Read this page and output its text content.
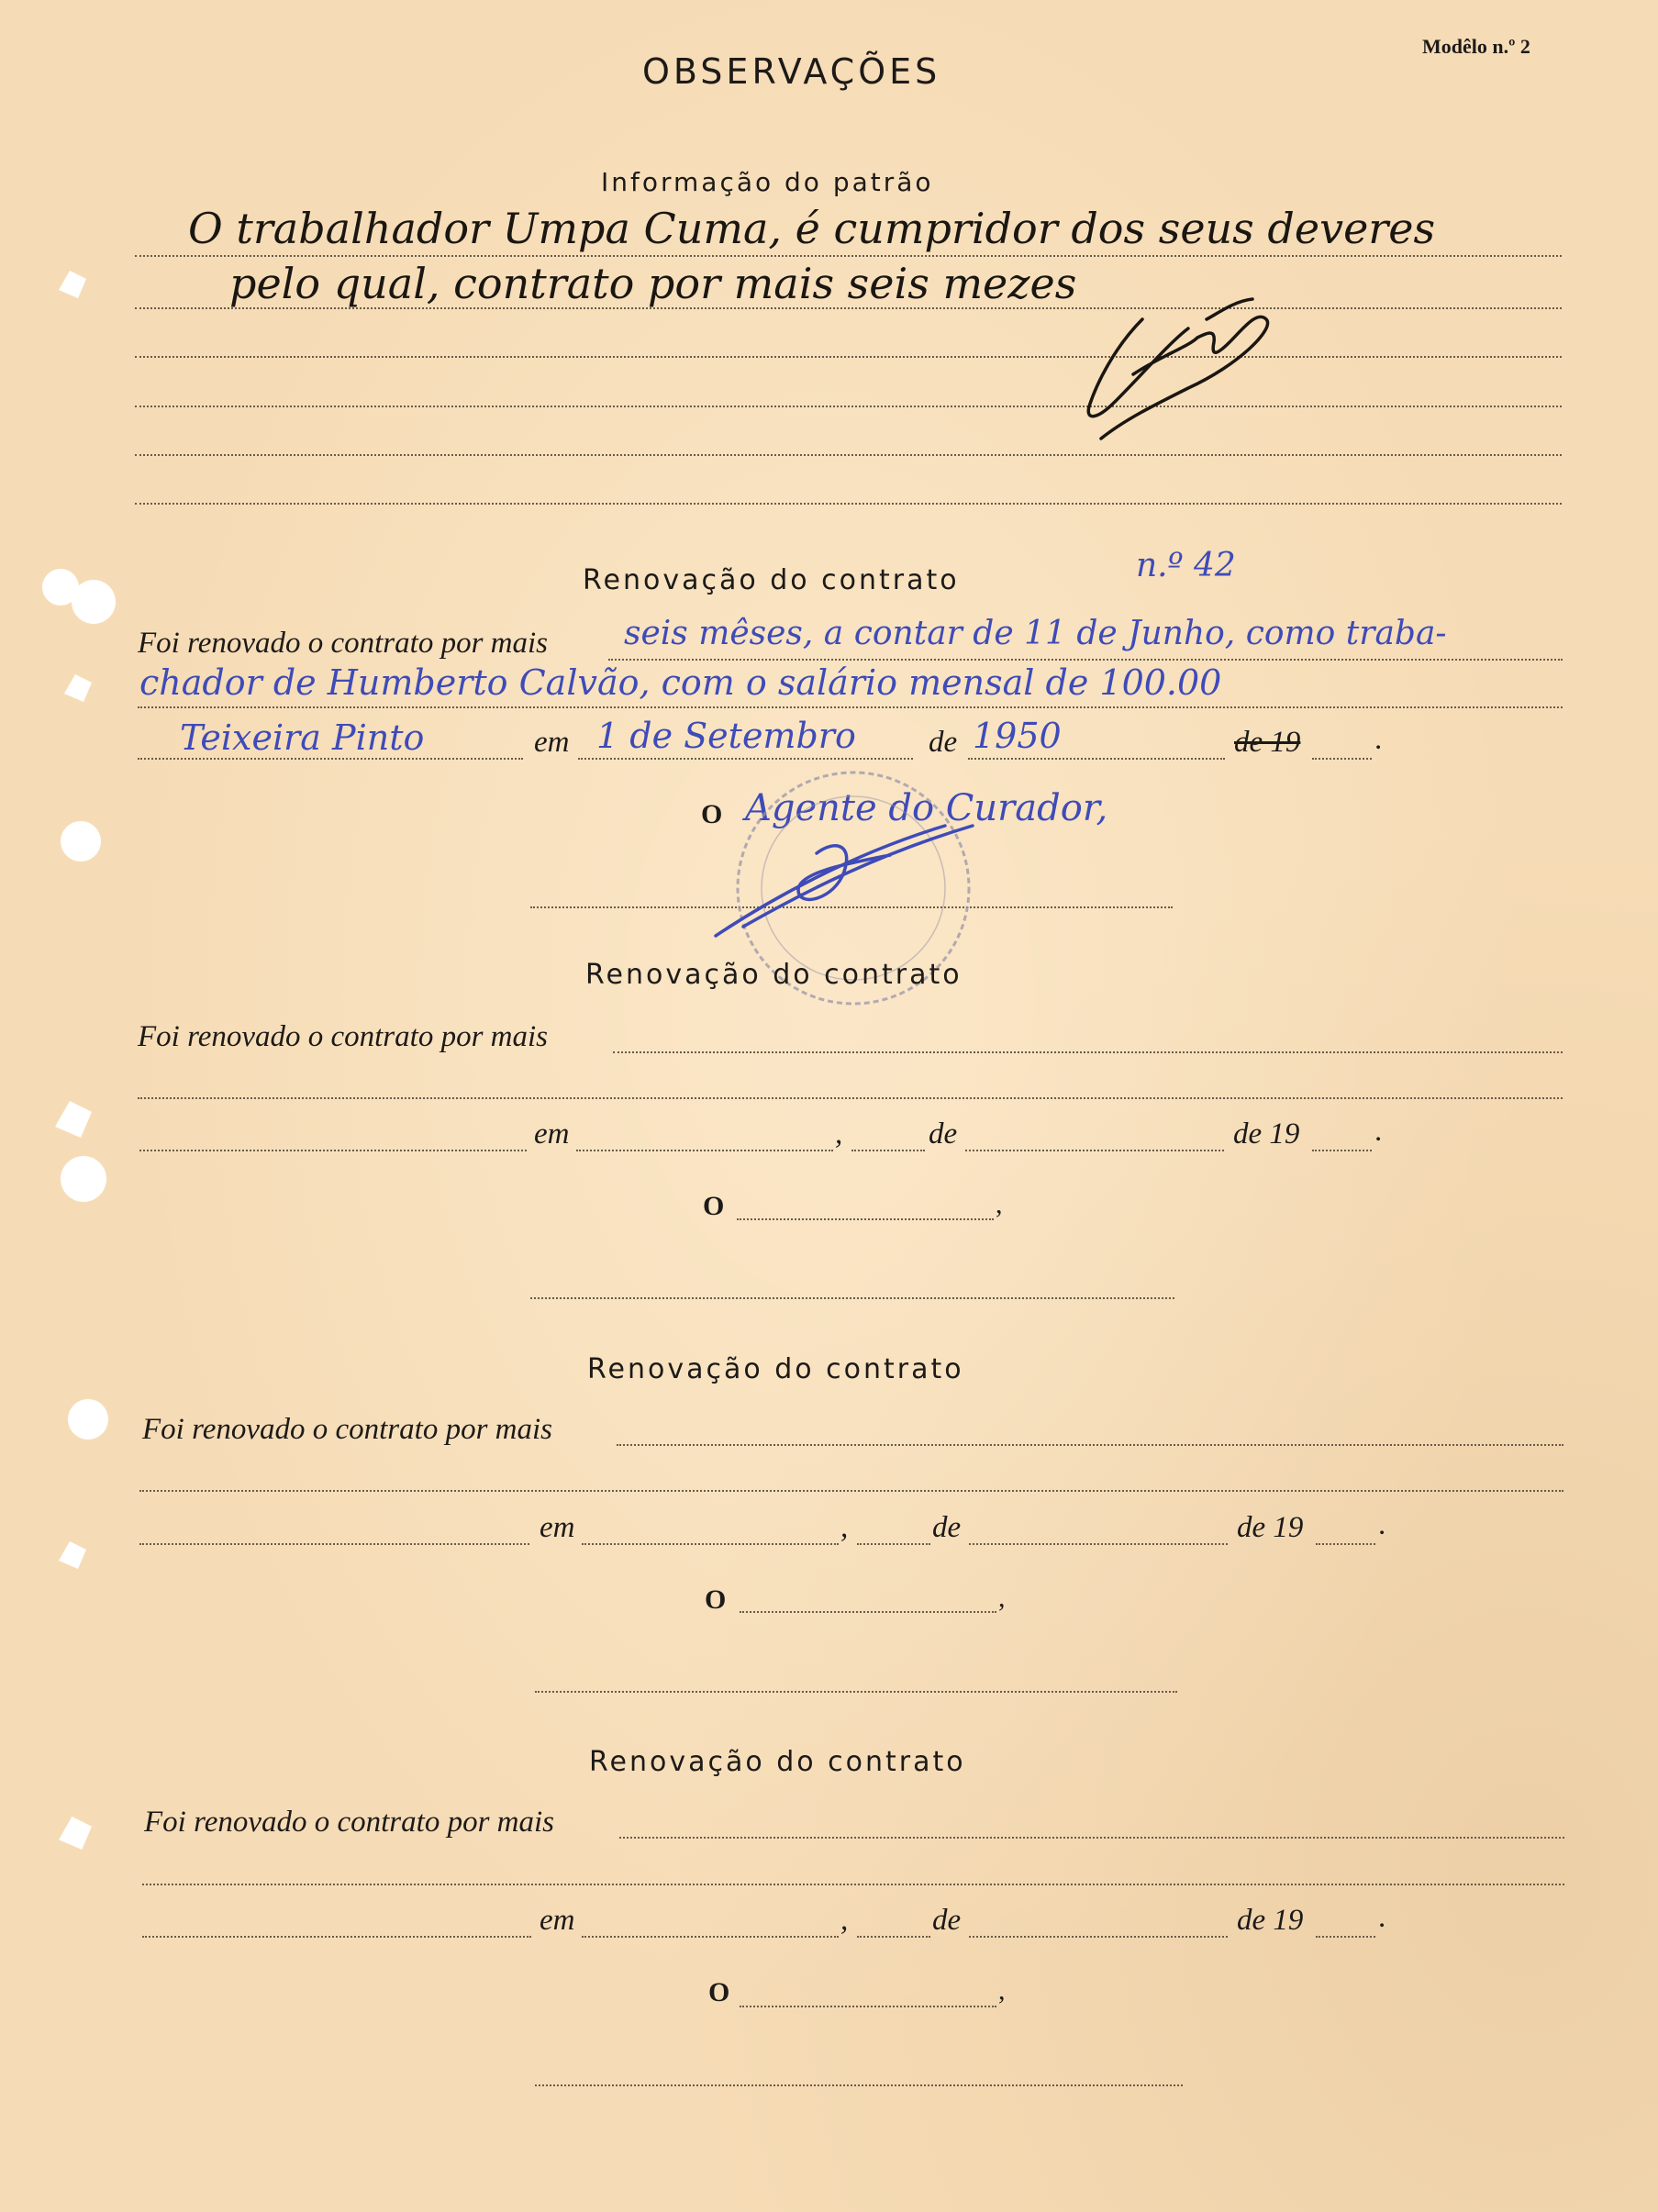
OBSERVAÇÕES
Modêlo n.º 2
Informação do patrão
O trabalhador Umpa Cuma, é cumpridor dos seus deveres
pelo qual, contrato por mais seis mezes
Renovação do contrato	n.º 42
Foi renovado o contrato por mais seis mêses, a contar de 11 de Junho, como traba-
chador de Humberto Calvão, com o salário mensal de 100.00
Teixeira Pinto	em 1 de Setembro de 1950	de 19 .
O Agente do Curador,
Renovação do contrato
Foi renovado o contrato por mais
em	,	de	de 19 .
O	,
Renovação do contrato
Foi renovado o contrato por mais
em	,	de	de 19 .
O	,
Renovação do contrato
Foi renovado o contrato por mais
em	,	de	de 19 .
O	,
